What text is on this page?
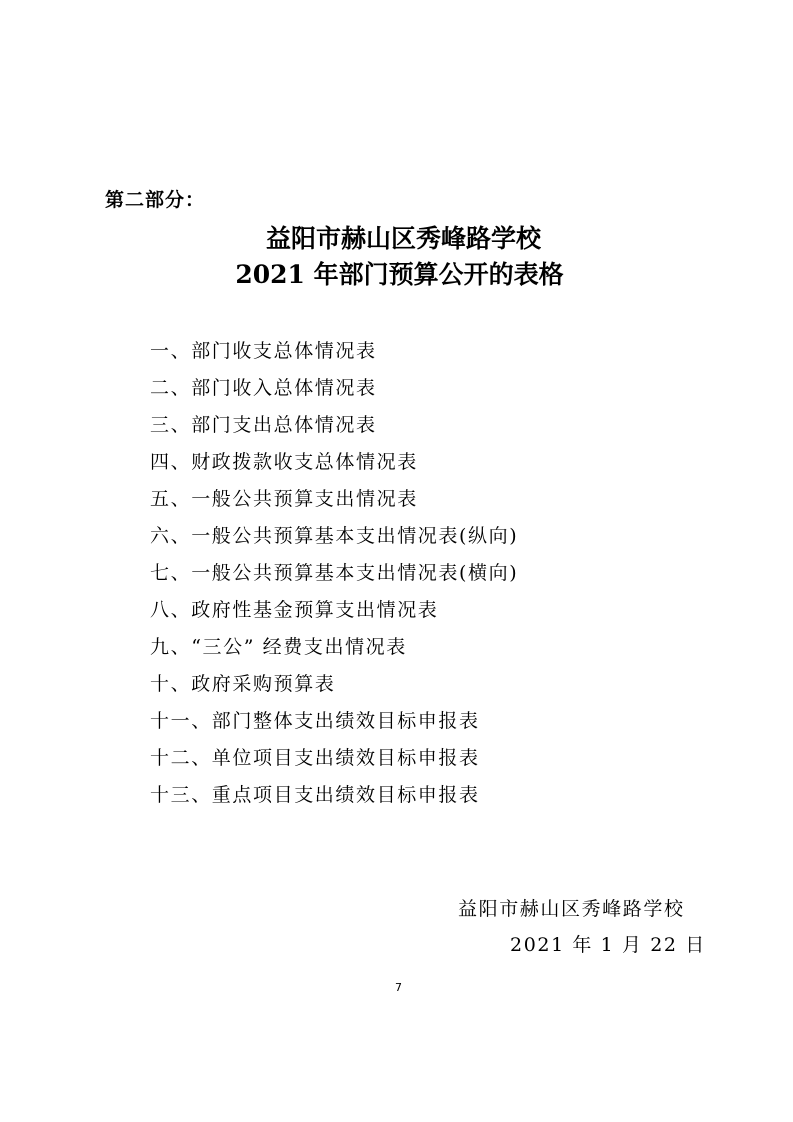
第二部分：
益阳市赫山区秀峰路学校
2021 年部门预算公开的表格
一、部门收支总体情况表
二、部门收入总体情况表
三、部门支出总体情况表
四、财政拨款收支总体情况表
五、一般公共预算支出情况表
六、一般公共预算基本支出情况表(纵向)
七、一般公共预算基本支出情况表(横向)
八、政府性基金预算支出情况表
九、“三公” 经费支出情况表
十、政府采购预算表
十一、部门整体支出绩效目标申报表
十二、单位项目支出绩效目标申报表
十三、重点项目支出绩效目标申报表
益阳市赫山区秀峰路学校
2021 年 1 月 22 日
7
